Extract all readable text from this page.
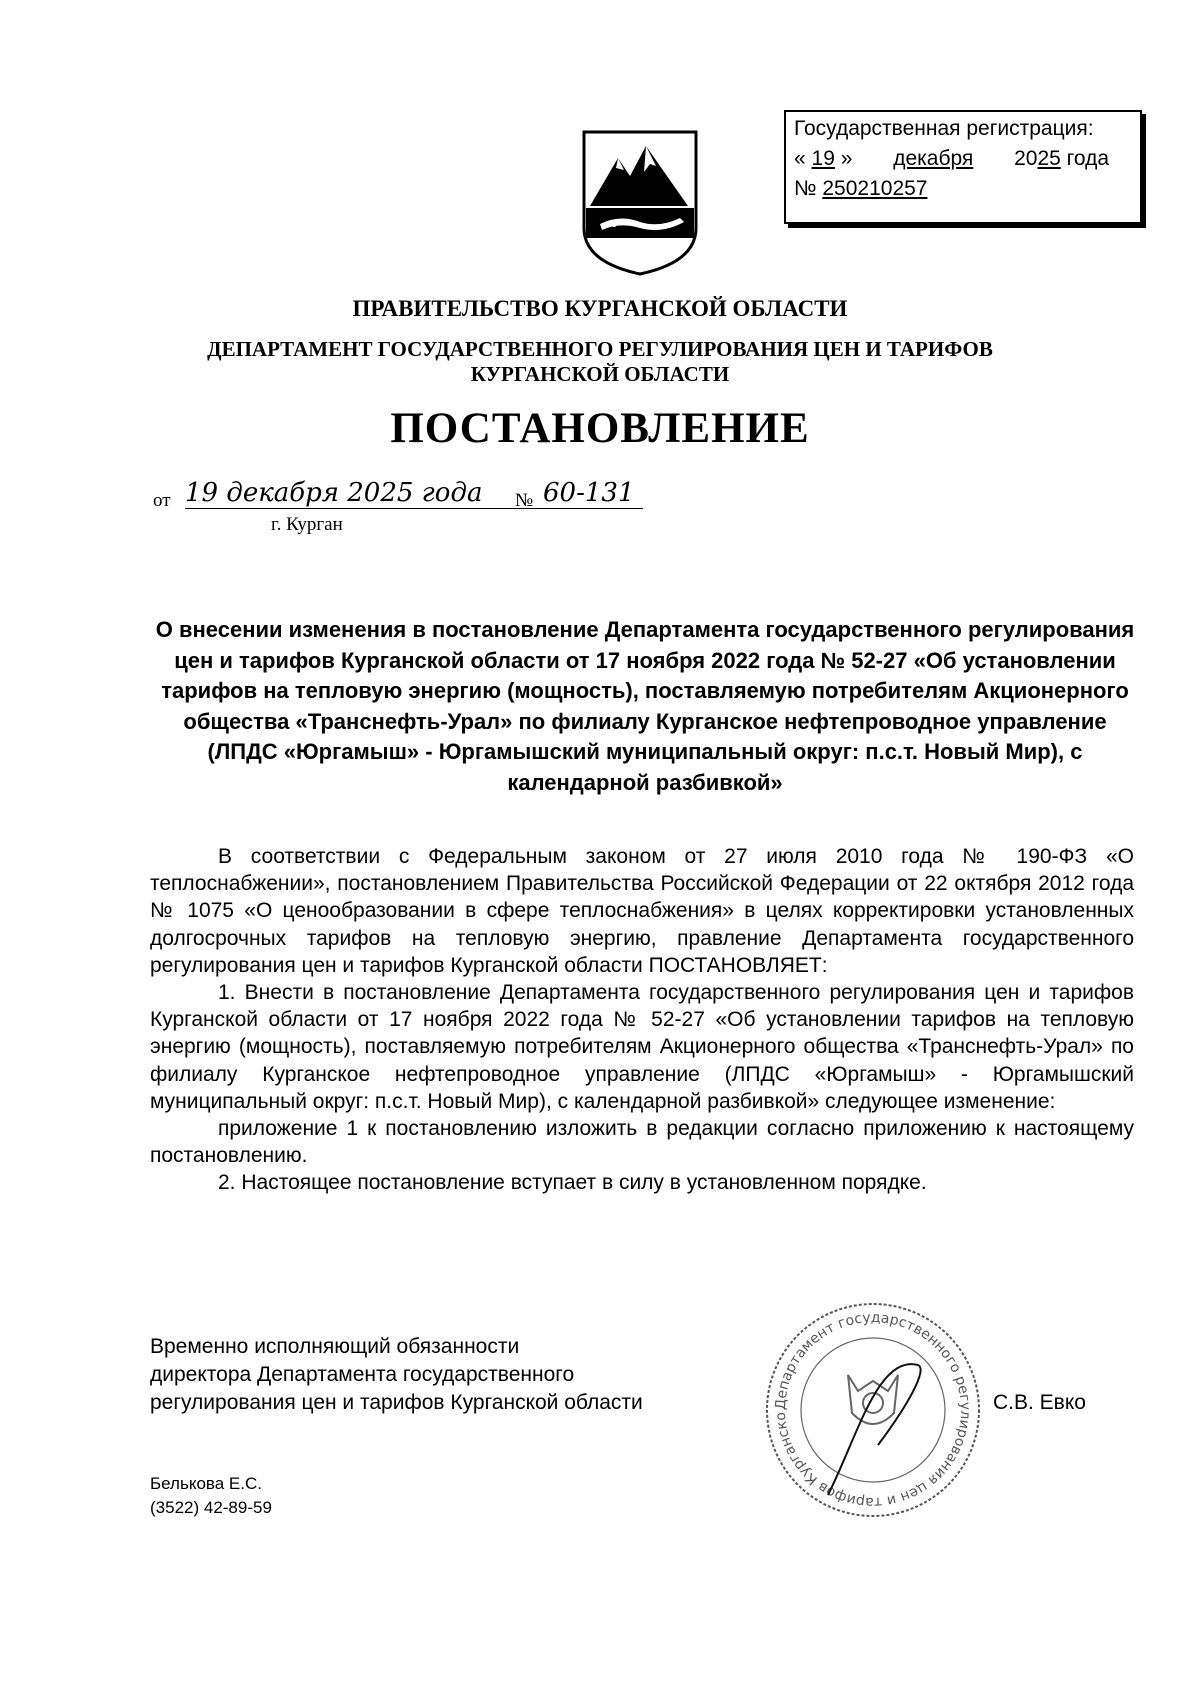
Государственная регистрация:
« 19 » декабря 2025 года
№ 250210257
ПРАВИТЕЛЬСТВО КУРГАНСКОЙ ОБЛАСТИ
ДЕПАРТАМЕНТ ГОСУДАРСТВЕННОГО РЕГУЛИРОВАНИЯ ЦЕН И ТАРИФОВ
КУРГАНСКОЙ ОБЛАСТИ
ПОСТАНОВЛЕНИЕ
от 19 декабря 2025 года	№ 60-131
г. Курган
О внесении изменения в постановление Департамента государственного регулирования цен и тарифов Курганской области от 17 ноября 2022 года № 52-27 «Об установлении тарифов на тепловую энергию (мощность), поставляемую потребителям Акционерного общества «Транснефть-Урал» по филиалу Курганское нефтепроводное управление (ЛПДС «Юргамыш» - Юргамышский муниципальный округ: п.с.т. Новый Мир), с календарной разбивкой»

В соответствии с Федеральным законом от 27 июля 2010 года № 190-ФЗ «О теплоснабжении», постановлением Правительства Российской Федерации от 22 октября 2012 года № 1075 «О ценообразовании в сфере теплоснабжения» в целях корректировки установленных долгосрочных тарифов на тепловую энергию, правление Департамента государственного регулирования цен и тарифов Курганской области ПОСТАНОВЛЯЕТ:

1. Внести в постановление Департамента государственного регулирования цен и тарифов Курганской области от 17 ноября 2022 года № 52-27 «Об установлении тарифов на тепловую энергию (мощность), поставляемую потребителям Акционерного общества «Транснефть-Урал» по филиалу Курганское нефтепроводное управление (ЛПДС «Юргамыш» - Юргамышский муниципальный округ: п.с.т. Новый Мир), с календарной разбивкой» следующее изменение:

приложение 1 к постановлению изложить в редакции согласно приложению к настоящему постановлению.

2. Настоящее постановление вступает в силу в установленном порядке.

Временно исполняющий обязанности
директора Департамента государственного
регулирования цен и тарифов Курганской области	Департамент государственного регулирования цен и тарифов Курганско
С.В. Евко
Белькова Е.С.
(3522) 42-89-59
